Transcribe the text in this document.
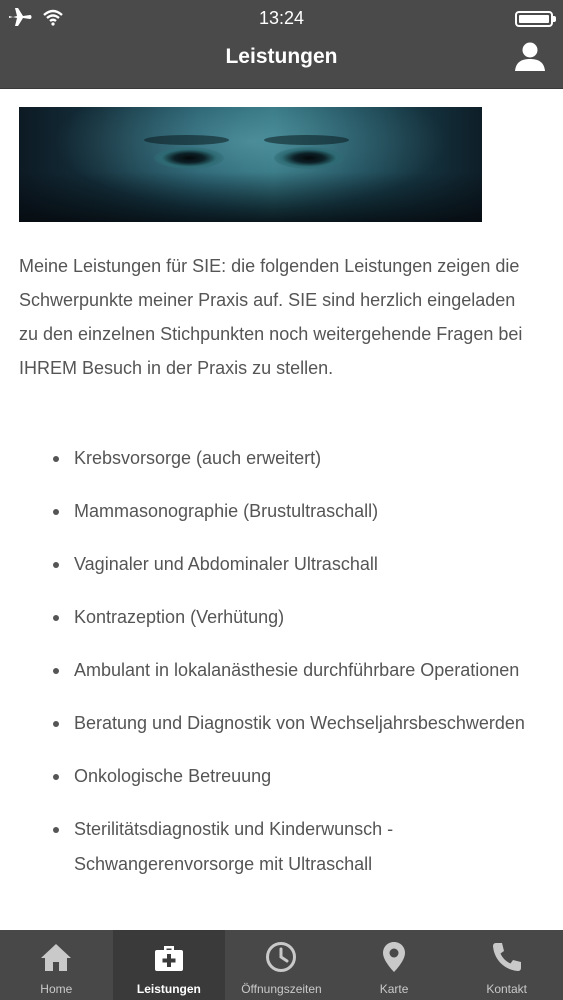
13:24
Leistungen

Meine Leistungen für SIE: die folgenden Leistungen zeigen die Schwerpunkte meiner Praxis auf. SIE sind herzlich eingeladen zu den einzelnen Stichpunkten noch weitergehende Fragen bei IHREM Besuch in der Praxis zu stellen.

Krebsvorsorge (auch erweitert)
Mammasonographie (Brustultraschall)
Vaginaler und Abdominaler Ultraschall
Kontrazeption (Verhütung)
Ambulant in lokalanästhesie durchführbare Operationen
Beratung und Diagnostik von Wechseljahrsbeschwerden
Onkologische Betreuung
Sterilitätsdiagnostik und Kinderwunsch - Schwangerenvorsorge mit Ultraschall
Home	Leistungen	Öffnungszeiten	Karte	Kontakt
